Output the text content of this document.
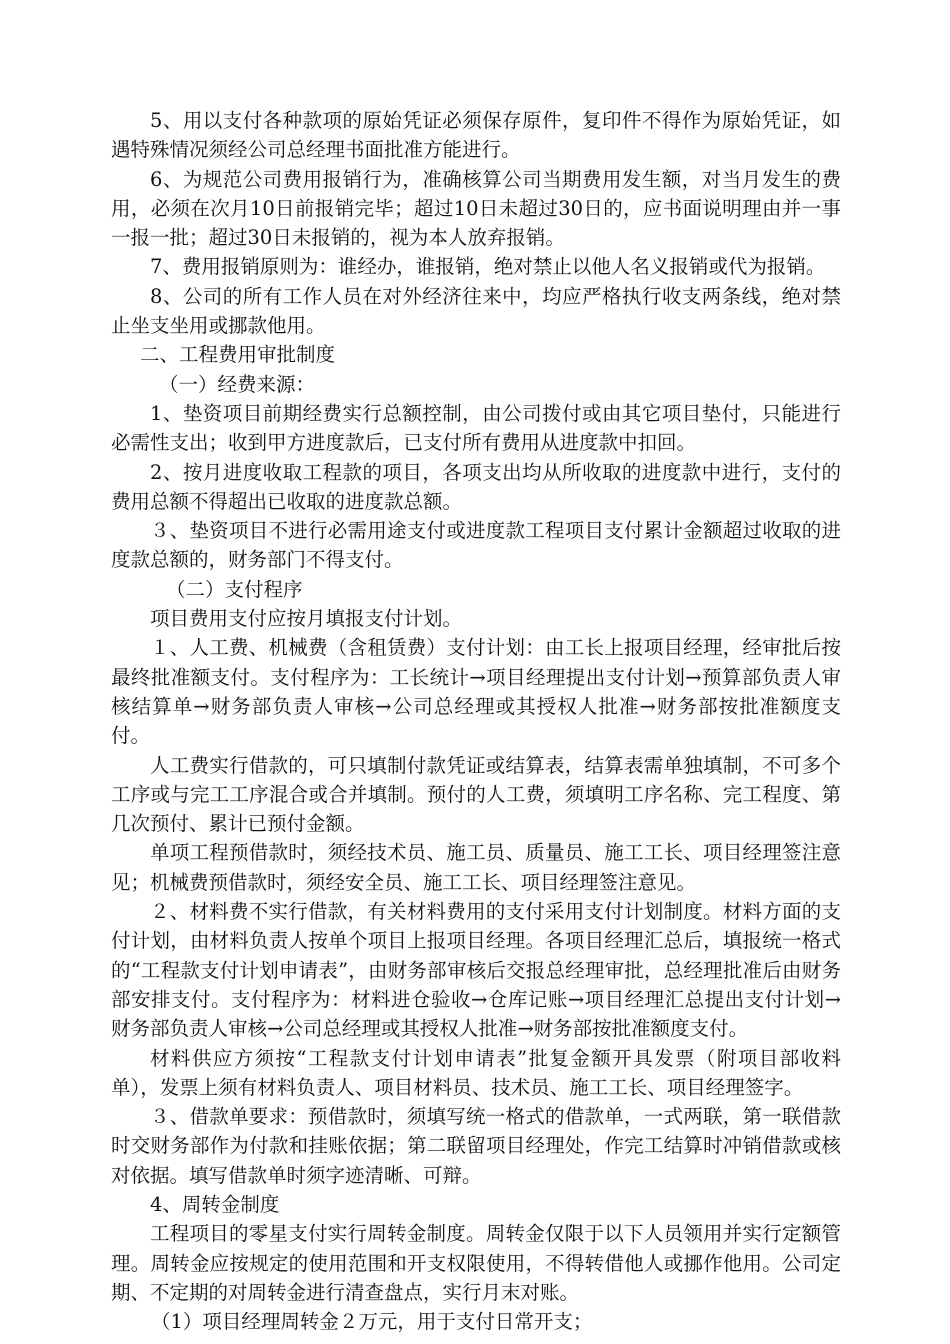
5、用以支付各种款项的原始凭证必须保存原件，复印件不得作为原始凭证，如遇特殊情况须经公司总经理书面批准方能进行。

6、为规范公司费用报销行为，准确核算公司当期费用发生额，对当月发生的费用，必须在次月10日前报销完毕；超过10日未超过30日的，应书面说明理由并一事一报一批；超过30日未报销的，视为本人放弃报销。

7、费用报销原则为：谁经办，谁报销，绝对禁止以他人名义报销或代为报销。

8、公司的所有工作人员在对外经济往来中，均应严格执行收支两条线，绝对禁止坐支坐用或挪款他用。

二、工程费用审批制度

（一）经费来源：

1、垫资项目前期经费实行总额控制，由公司拨付或由其它项目垫付，只能进行必需性支出；收到甲方进度款后，已支付所有费用从进度款中扣回。

2、按月进度收取工程款的项目，各项支出均从所收取的进度款中进行，支付的费用总额不得超出已收取的进度款总额。

３、垫资项目不进行必需用途支付或进度款工程项目支付累计金额超过收取的进度款总额的，财务部门不得支付。

（二）支付程序

项目费用支付应按月填报支付计划。

１、人工费、机械费（含租赁费）支付计划：由工长上报项目经理，经审批后按最终批准额支付。支付程序为：工长统计→项目经理提出支付计划→预算部负责人审核结算单→财务部负责人审核→公司总经理或其授权人批准→财务部按批准额度支付。

人工费实行借款的，可只填制付款凭证或结算表，结算表需单独填制，不可多个工序或与完工工序混合或合并填制。预付的人工费，须填明工序名称、完工程度、第几次预付、累计已预付金额。

单项工程预借款时，须经技术员、施工员、质量员、施工工长、项目经理签注意见；机械费预借款时，须经安全员、施工工长、项目经理签注意见。

２、材料费不实行借款，有关材料费用的支付采用支付计划制度。材料方面的支付计划，由材料负责人按单个项目上报项目经理。各项目经理汇总后，填报统一格式的“工程款支付计划申请表”，由财务部审核后交报总经理审批，总经理批准后由财务部安排支付。支付程序为：材料进仓验收→仓库记账→项目经理汇总提出支付计划→财务部负责人审核→公司总经理或其授权人批准→财务部按批准额度支付。

材料供应方须按“工程款支付计划申请表”批复金额开具发票（附项目部收料单），发票上须有材料负责人、项目材料员、技术员、施工工长、项目经理签字。

３、借款单要求：预借款时，须填写统一格式的借款单，一式两联，第一联借款时交财务部作为付款和挂账依据；第二联留项目经理处，作完工结算时冲销借款或核对依据。填写借款单时须字迹清晰、可辩。

4、周转金制度

工程项目的零星支付实行周转金制度。周转金仅限于以下人员领用并实行定额管理。周转金应按规定的使用范围和开支权限使用，不得转借他人或挪作他用。公司定期、不定期的对周转金进行清查盘点，实行月末对账。

（1）项目经理周转金２万元，用于支付日常开支；
